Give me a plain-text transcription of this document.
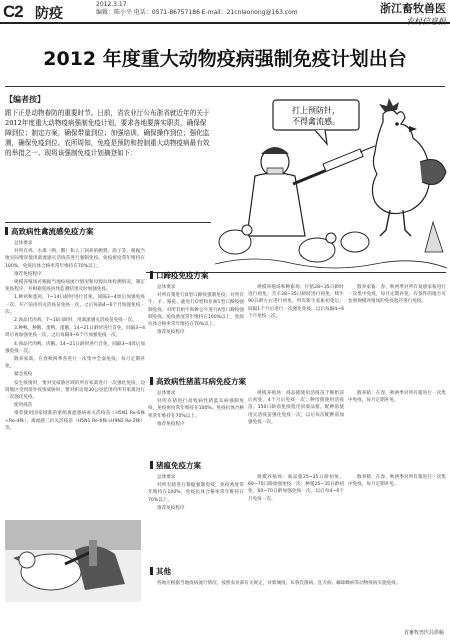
C2 防疫
2012.3.17
编辑：陈小平 电话：0571-86757186 E-mail：21cnlaonong@163.com	浙江畜牧兽医
农村信息报
2012 年度重大动物疫病强制免疫计划出台
【编者按】
跟下正是动物春防的重要时节。日前，省农业厅公布浙省就近年的关于2012年度重大动物疫病强制免疫计划，要求各地要落实职责，确保保障到位；制定方案，确保带量到位；加强培训，确保操作到位；强化监测，确保免疫到位。农所周知，免疫是预防和控制重大动物疫病最有效的举措之一。现将该强制免疫计划摘登如下：
打上预防针，
不得禽流感。
高致病性禽流感免疫方案

总体要求

对所有鸡、水禽（鸭、鹅）和人工饲养的鹌鹑、鸽子等，根据当地实际情况使用禽流感灭活疫苗进行强制免疫。免疫密度常年维持在100%，免疫抗体合格率常年维持在70%以上。

推荐免疫程序

规模养殖场可根据当地疫病流行情况和母源抗体检测情况，制定免疫程序，并根据免疫抗体监测结果及时加强免疫。

1.种鸡和蛋鸡。7~14日龄时进行首免，间隔3~4周后加强免疫一次，开产前再用灭活疫苗免疫一次，之后每隔4~6个月加强免疫一次。

2.商品代肉鸡。7~10日龄时，用禽流感灭活疫苗免疫一次。

3.种鸭、种鹅、蛋鸭、蛋鹅。14~21日龄时进行首免，间隔3~4周后再加强免疫一次，之后每隔4~6个月加强免疫一次。

4.商品代肉鸭、肉鹅。14~21日龄时进行首免，间隔3~4周后加强免疫一次。

散养家禽。在春秋两季各进行一次集中全面免疫，每月定期补免。

紧急免疫

发生疫情时，要对受威胁区域的所有家禽进行一次强化免疫，边境地区受到境外疫情威胁时，要对距边境30公里范围内所有家禽进行一次强化免疫。

使用疫苗

推荐使用国家批准的重组禽流感病毒灭活疫苗（H5N1 Re-6株+Re-4株）、禽流感二价灭活疫苗（H5N1 Re-6株+H9N2 Re-2株）等。

口蹄疫免疫方案

总体要求

对所有猪进行O型口蹄疫强制免疫；对所有牛、羊、骆驼、鹿进行O型和亚洲1型口蹄疫强制免疫；对所有奶牛和种公牛进行A型口蹄疫强制免疫。免疫密度常年维持在100%以上，免疫抗体合格率常年维持在70%以上。

推荐免疫程序

规模养殖场和种畜场：仔猪28~35日龄时进行初免；羔羊28~35日龄时进行初免；犊牛90日龄左右进行初免。所有新生家畜初免后，间隔1个月后进行一次强化免疫，以后每隔4~6个月免疫一次。

散养家畜：春、秋两季对所有易感家畜进行一次集中免疫，每月定期补免。有条件的地方可参照规模养殖场的免疫程序进行免疫。

高致病性猪蓝耳病免疫方案

总体要求

对所有猪进行高致病性猪蓝耳病强制免疫，免疫密度常年维持在100%，免疫抗体合格率常年维持在70%以上。

推荐免疫程序

规模养殖场：商品猪使用活疫苗于断奶前后初免，4个月后免疫一次；种母猪使用活疫苗，150日龄前免疫程序同商品猪，配种前使用灭活疫苗强化免疫一次，以后每次配种前加强免疫一次。

散养猪：在春、秋两季对所有猪进行一次集中免疫，每月定期补免。

猪瘟免疫方案

总体要求

对所有猪进行猪瘟强制免疫，免疫密度常年维持在100%，免疫抗体合格率常年维持在70%以上。

推荐免疫程序

规模养殖场：商品猪25~35日龄初免，60~70日龄加强免疫一次；种猪25~35日龄初免，60~70日龄加强免疫一次，以后每4~6个月免疫一次。

散养猪：在春、秋两季对所有猪进行一次集中免疫，每月定期补免。

其他

各地应根据当地疫病流行情况，按照农业部有关规定，对新城疫、布鲁氏菌病、狂犬病、棘球蚴病等动物疫病实施免疫。

省畜牧兽医局供稿
